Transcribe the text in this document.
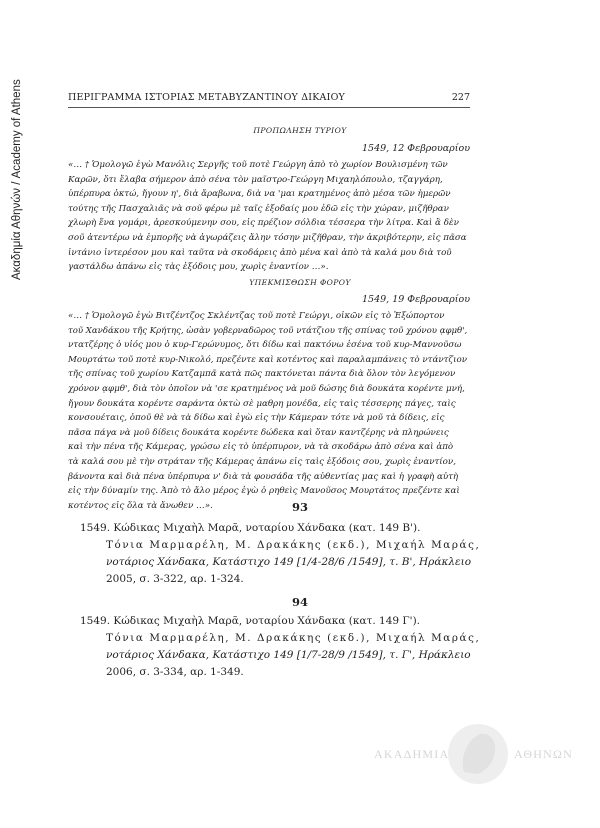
Ακαδημία Αθηνών / Academy of Athens	ΠΕΡΙΓΡΑΜΜΑ ΙΣΤΟΡΙΑΣ ΜΕΤΑΒΥΖΑΝΤΙΝΟΥ ΔΙΚΑΙΟΥ	227
ΠΡΟΠΩΛΗΣΗ ΤΥΡΙΟΥ
1549, 12 Φεβρουαρίου
«… † Ὁμολογῶ ἐγὼ Μανόλις Σεργῆς τοῦ ποτὲ Γεώργη ἀπὸ τὸ χωρίον Βουλισμένη τῶν
Καρῶν, ὅτι ἔλαβα σήμερον ἀπὸ σένα τὸν μαϊστρο-Γεώργη Μιχαηλόπουλο, τζαγγάρη,
ὑπέρπυρα ὀκτώ, ἤγουν η', διὰ ἄραβωνα, διὰ να 'μαι κρατημένος ἀπὸ μέσα τῶν ἡμερῶν
τούτης τῆς Πασχαλιᾶς νὰ σοῦ φέρω μὲ ταῖς ἐξοδαίς μου ἐδῶ εἰς τὴν χώραν, μιζῆθραν
χλωρὴ ἕνα γομάρι, ἀρεσκούμενην σου, εἰς πρέζιον σόλδια τέσσερα τὴν λίτρα. Καὶ ἂ δὲν
σοῦ ἀτεντέρω νὰ ἐμπορῆς νὰ ἀγωράζεις ἄλην τόσην μιζῆθραν, τὴν ἀκριβότερην, εἰς πᾶσα
ἰντάνιο ἰντερέσον μου καὶ ταῦτα νὰ σκοδάρεις ἀπὸ μένα καὶ ἀπὸ τὰ καλά μου διὰ τοῦ
γαστάλδω ἀπάνω εἰς τὰς ἐξόδοις μου, χωρὶς ἐναντίον …».
ΥΠΕΚΜΙΣΘΩΣΗ ΦΟΡΟΥ
1549, 19 Φεβρουαρίου
«… † Ὁμολογῶ ἐγὼ Βιτζέντζος Σκλέντζας τοῦ ποτὲ Γεώργι, οἰκῶν εἰς τὸ Ἐξώπορτον
τοῦ Χανδάκου τῆς Κρήτης, ὡσὰν γοβερναδῶρος τοῦ ντάτζιου τῆς σπίνας τοῦ χρόνου ᾳφμθ',
ντατζέρης ὁ υἱός μου ὁ κυρ-Γερώνυμος, ὅτι δίδω καὶ πακτόνω ἐσένα τοῦ κυρ-Μαννοῦσω
Μουρτάτω τοῦ ποτὲ κυρ-Νικολό, πρεζέντε καὶ κοτέντος καὶ παραλαμπάνεις τὸ ντάντζιον
τῆς σπίνας τοῦ χωρίου Κατζαμπᾶ κατὰ πῶς πακτόνεται πάντα διὰ ὅλον τὸν λεγόμενον
χρόνον ᾳφμθ', διὰ τὸν ὁποῖον νὰ 'σε κρατημένος νὰ μοῦ δώσης διὰ δουκάτα κορέντε μνή,
ἤγουν δουκάτα κορέντε σαράντα ὀκτὼ σὲ μαθρη μονέδα, εἰς ταὶς τέσσερης πάγες, ταὶς
κονσουέταις, ὁποῦ θὲ νὰ τὰ δίδω καὶ ἐγὼ εἰς τὴν Κάμεραν τότε νὰ μοῦ τὰ δίδεις, εἰς
πᾶσα πάγα νὰ μοῦ δίδεις δουκάτα κορέντε δώδεκα καὶ ὅταν καντζέρης νὰ πληρώνεις
καὶ τὴν πένα τῆς Κάμερας, γρώσω εἰς τὸ ὑπέρπυρον, νὰ τὰ σκοδάρω ἀπὸ σένα καὶ ἀπὸ
τὰ καλά σου μὲ τὴν στράταν τῆς Κάμερας ἀπάνω εἰς ταὶς ἐξόδοις σου, χωρὶς ἐναντίον,
βάνοντα καὶ διὰ πένα ὑπέρπυρα ν' διὰ τὰ φουσάδα τῆς αὐθεντίας μας καὶ ἡ γραφὴ αὐτὴ
εἰς τὴν δύναμίν της. Ἀπὸ τὸ ἄλο μέρος ἐγὼ ὁ ρηθεὶς Μανοῦσος Μουρτάτος πρεζέντε καὶ
κοτέντος εἰς ὅλα τὰ ἄνωθεν …».	93
1549. Κώδικας Μιχαὴλ Μαρᾶ, νοταρίου Χάνδακα (κατ. 149 Β').
Τόνια Μαρμαρέλη, Μ. Δρακάκης (εκδ.), Μιχαήλ Μαράς,
νοτάριος Χάνδακα, Κατάστιχο 149 [1/4-28/6 /1549], τ. Β', Ηράκλειο
2005, σ. 3-322, αρ. 1-324.
94
1549. Κώδικας Μιχαὴλ Μαρᾶ, νοταρίου Χάνδακα (κατ. 149 Γ').
Τόνια Μαρμαρέλη, Μ. Δρακάκης (εκδ.), Μιχαήλ Μαράς,
νοτάριος Χάνδακα, Κατάστιχο 149 [1/7-28/9 /1549], τ. Γ', Ηράκλειο
2006, σ. 3-334, αρ. 1-349.
ΑΚΑΔΗΜΙΑ	ΑΘΗΝΩΝ
